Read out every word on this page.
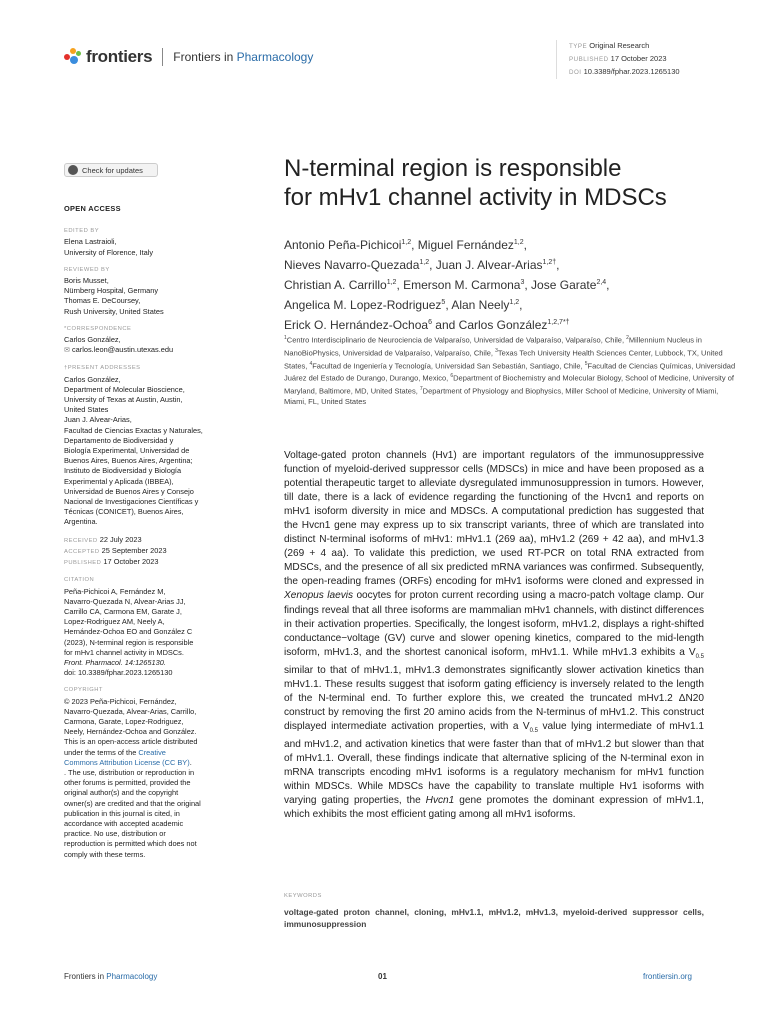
frontiers Frontiers in Pharmacology
TYPE Original Research
PUBLISHED 17 October 2023
DOI 10.3389/fphar.2023.1265130
Check for updates
OPEN ACCESS
EDITED BY
Elena Lastraioli,
University of Florence, Italy
REVIEWED BY
Boris Musset,
Nürnberg Hospital, Germany
Thomas E. DeCoursey,
Rush University, United States
*CORRESPONDENCE
Carlos González,
✉ carlos.leon@austin.utexas.edu
†PRESENT ADDRESSES
Carlos González,
Department of Molecular Bioscience,
University of Texas at Austin, Austin,
United States
Juan J. Alvear-Arias,
Facultad de Ciencias Exactas y Naturales,
Departamento de Biodiversidad y
Biología Experimental, Universidad de
Buenos Aires, Buenos Aires, Argentina;
Instituto de Biodiversidad y Biología
Experimental y Aplicada (IBBEA),
Universidad de Buenos Aires y Consejo
Nacional de Investigaciones Científicas y
Técnicas (CONICET), Buenos Aires,
Argentina.
RECEIVED 22 July 2023
ACCEPTED 25 September 2023
PUBLISHED 17 October 2023
CITATION
Peña-Pichicoi A, Fernández M,
Navarro-Quezada N, Alvear-Arias JJ,
Carrillo CA, Carmona EM, Garate J,
Lopez-Rodriguez AM, Neely A,
Hernández-Ochoa EO and González C
(2023), N-terminal region is responsible
for mHv1 channel activity in MDSCs.
Front. Pharmacol. 14:1265130.
doi: 10.3389/fphar.2023.1265130
COPYRIGHT
© 2023 Peña-Pichicoi, Fernández,
Navarro-Quezada, Alvear-Arias, Carrillo,
Carmona, Garate, Lopez-Rodriguez,
Neely, Hernández-Ochoa and González.
This is an open-access article distributed
under the terms of the Creative
Commons Attribution License (CC BY).
. The use, distribution or reproduction in
other forums is permitted, provided the
original author(s) and the copyright
owner(s) are credited and that the original
publication in this journal is cited, in
accordance with accepted academic
practice. No use, distribution or
reproduction is permitted which does not
comply with these terms.
N-terminal region is responsible
for mHv1 channel activity in MDSCs
Antonio Peña-Pichicoi$^{1,2}$, Miguel Fernández$^{1,2}$,
Nieves Navarro-Quezada$^{1,2}$, Juan J. Alvear-Arias$^{1,2\dagger}$,
Christian A. Carrillo$^{1,2}$, Emerson M. Carmona$^3$, Jose Garate$^{2,4}$,
Angelica M. Lopez-Rodriguez$^5$, Alan Neely$^{1,2}$,
Erick O. Hernández-Ochoa$^6$ and Carlos González$^{1,2,7*\dagger}$
$^1$Centro Interdisciplinario de Neurociencia de Valparaíso, Universidad de Valparaíso, Valparaíso, Chile, $^2$Millennium Nucleus in NanoBioPhysics, Universidad de Valparaíso, Valparaíso, Chile, $^3$Texas Tech University Health Sciences Center, Lubbock, TX, United States, $^4$Facultad de Ingeniería y Tecnología, Universidad San Sebastián, Santiago, Chile, $^5$Facultad de Ciencias Químicas, Universidad Juárez del Estado de Durango, Durango, Mexico, $^6$Department of Biochemistry and Molecular Biology, School of Medicine, University of Maryland, Baltimore, MD, United States, $^7$Department of Physiology and Biophysics, Miller School of Medicine, University of Miami, Miami, FL, United States

Voltage-gated proton channels (Hv1) are important regulators of the immunosuppressive function of myeloid-derived suppressor cells (MDSCs) in mice and have been proposed as a potential therapeutic target to alleviate dysregulated immunosuppression in tumors. However, till date, there is a lack of evidence regarding the functioning of the Hvcn1 and reports on mHv1 isoform diversity in mice and MDSCs. A computational prediction has suggested that the Hvcn1 gene may express up to six transcript variants, three of which are translated into distinct N-terminal isoforms of mHv1: mHv1.1 (269 aa), mHv1.2 (269 + 42 aa), and mHv1.3 (269 + 4 aa). To validate this prediction, we used RT-PCR on total RNA extracted from MDSCs, and the presence of all six predicted mRNA variances was confirmed. Subsequently, the open-reading frames (ORFs) encoding for mHv1 isoforms were cloned and expressed in Xenopus laevis oocytes for proton current recording using a macro-patch voltage clamp. Our findings reveal that all three isoforms are mammalian mHv1 channels, with distinct differences in their activation properties. Specifically, the longest isoform, mHv1.2, displays a right-shifted conductance−voltage (GV) curve and slower opening kinetics, compared to the mid-length isoform, mHv1.3, and the shortest canonical isoform, mHv1.1. While mHv1.3 exhibits a $V_{0.5}$ similar to that of mHv1.1, mHv1.3 demonstrates significantly slower activation kinetics than mHv1.1. These results suggest that isoform gating efficiency is inversely related to the length of the N-terminal end. To further explore this, we created the truncated mHv1.2 ΔN20 construct by removing the first 20 amino acids from the N-terminus of mHv1.2. This construct displayed intermediate activation properties, with a $V_{0.5}$ value lying intermediate of mHv1.1 and mHv1.2, and activation kinetics that were faster than that of mHv1.2 but slower than that of mHv1.1. Overall, these findings indicate that alternative splicing of the N-terminal exon in mRNA transcripts encoding mHv1 isoforms is a regulatory mechanism for mHv1 function within MDSCs. While MDSCs have the capability to translate multiple Hv1 isoforms with varying gating properties, the Hvcn1 gene promotes the dominant expression of mHv1.1, which exhibits the most efficient gating among all mHv1 isoforms.

KEYWORDS
voltage-gated proton channel, cloning, mHv1.1, mHv1.2, mHv1.3, myeloid-derived suppressor cells, immunosuppression
Frontiers in Pharmacology	01	frontiersin.org
